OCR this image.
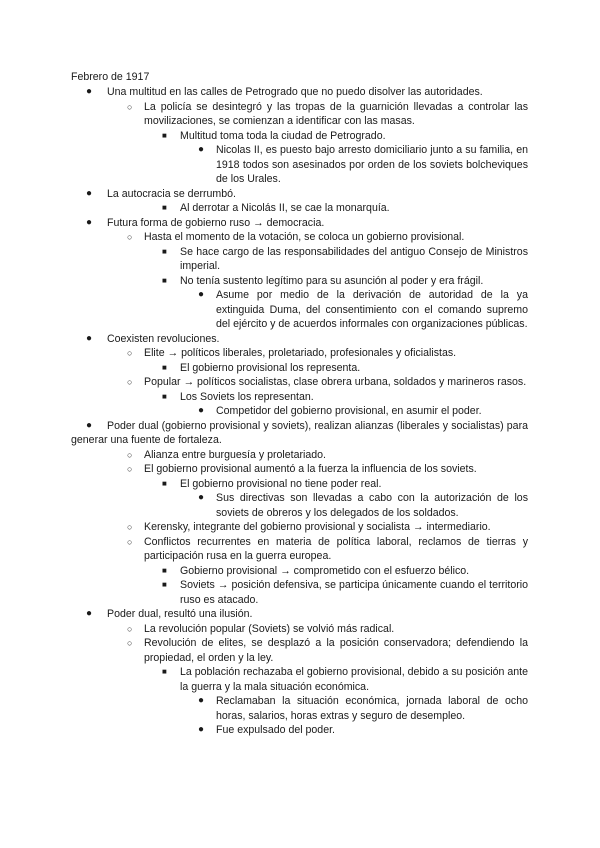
Febrero de 1917
● Una multitud en las calles de Petrogrado que no puedo disolver las autoridades.
○ La policía se desintegró y las tropas de la guarnición llevadas a controlar las movilizaciones, se comienzan a identificar con las masas.
■ Multitud toma toda la ciudad de Petrogrado.
● Nicolas II, es puesto bajo arresto domiciliario junto a su familia, en 1918 todos son asesinados por orden de los soviets bolcheviques de los Urales.
● La autocracia se derrumbó.
■ Al derrotar a Nicolás II, se cae la monarquía.
● Futura forma de gobierno ruso → democracia.
○ Hasta el momento de la votación, se coloca un gobierno provisional.
■ Se hace cargo de las responsabilidades del antiguo Consejo de Ministros imperial.
■ No tenía sustento legítimo para su asunción al poder y era frágil.
● Asume por medio de la derivación de autoridad de la ya extinguida Duma, del consentimiento con el comando supremo del ejército y de acuerdos informales con organizaciones públicas.
● Coexisten revoluciones.
○ Elite → políticos liberales, proletariado, profesionales y oficialistas.
■ El gobierno provisional los representa.
○ Popular → políticos socialistas, clase obrera urbana, soldados y marineros rasos.
■ Los Soviets los representan.
● Competidor del gobierno provisional, en asumir el poder.
●	Poder dual (gobierno provisional y soviets), realizan alianzas (liberales y socialistas) para generar una fuente de fortaleza.
○ Alianza entre burguesía y proletariado.
○ El gobierno provisional aumentó a la fuerza la influencia de los soviets.
■ El gobierno provisional no tiene poder real.
● Sus directivas son llevadas a cabo con la autorización de los soviets de obreros y los delegados de los soldados.
○ Kerensky, integrante del gobierno provisional y socialista → intermediario.
○ Conflictos recurrentes en materia de política laboral, reclamos de tierras y participación rusa en la guerra europea.
■ Gobierno provisional → comprometido con el esfuerzo bélico.
■ Soviets → posición defensiva, se participa únicamente cuando el territorio ruso es atacado.
● Poder dual, resultó una ilusión.
○ La revolución popular (Soviets) se volvió más radical.
○ Revolución de elites, se desplazó a la posición conservadora; defendiendo la propiedad, el orden y la ley.
■ La población rechazaba el gobierno provisional, debido a su posición ante la guerra y la mala situación económica.
● Reclamaban la situación económica, jornada laboral de ocho horas, salarios, horas extras y seguro de desempleo.
● Fue expulsado del poder.
